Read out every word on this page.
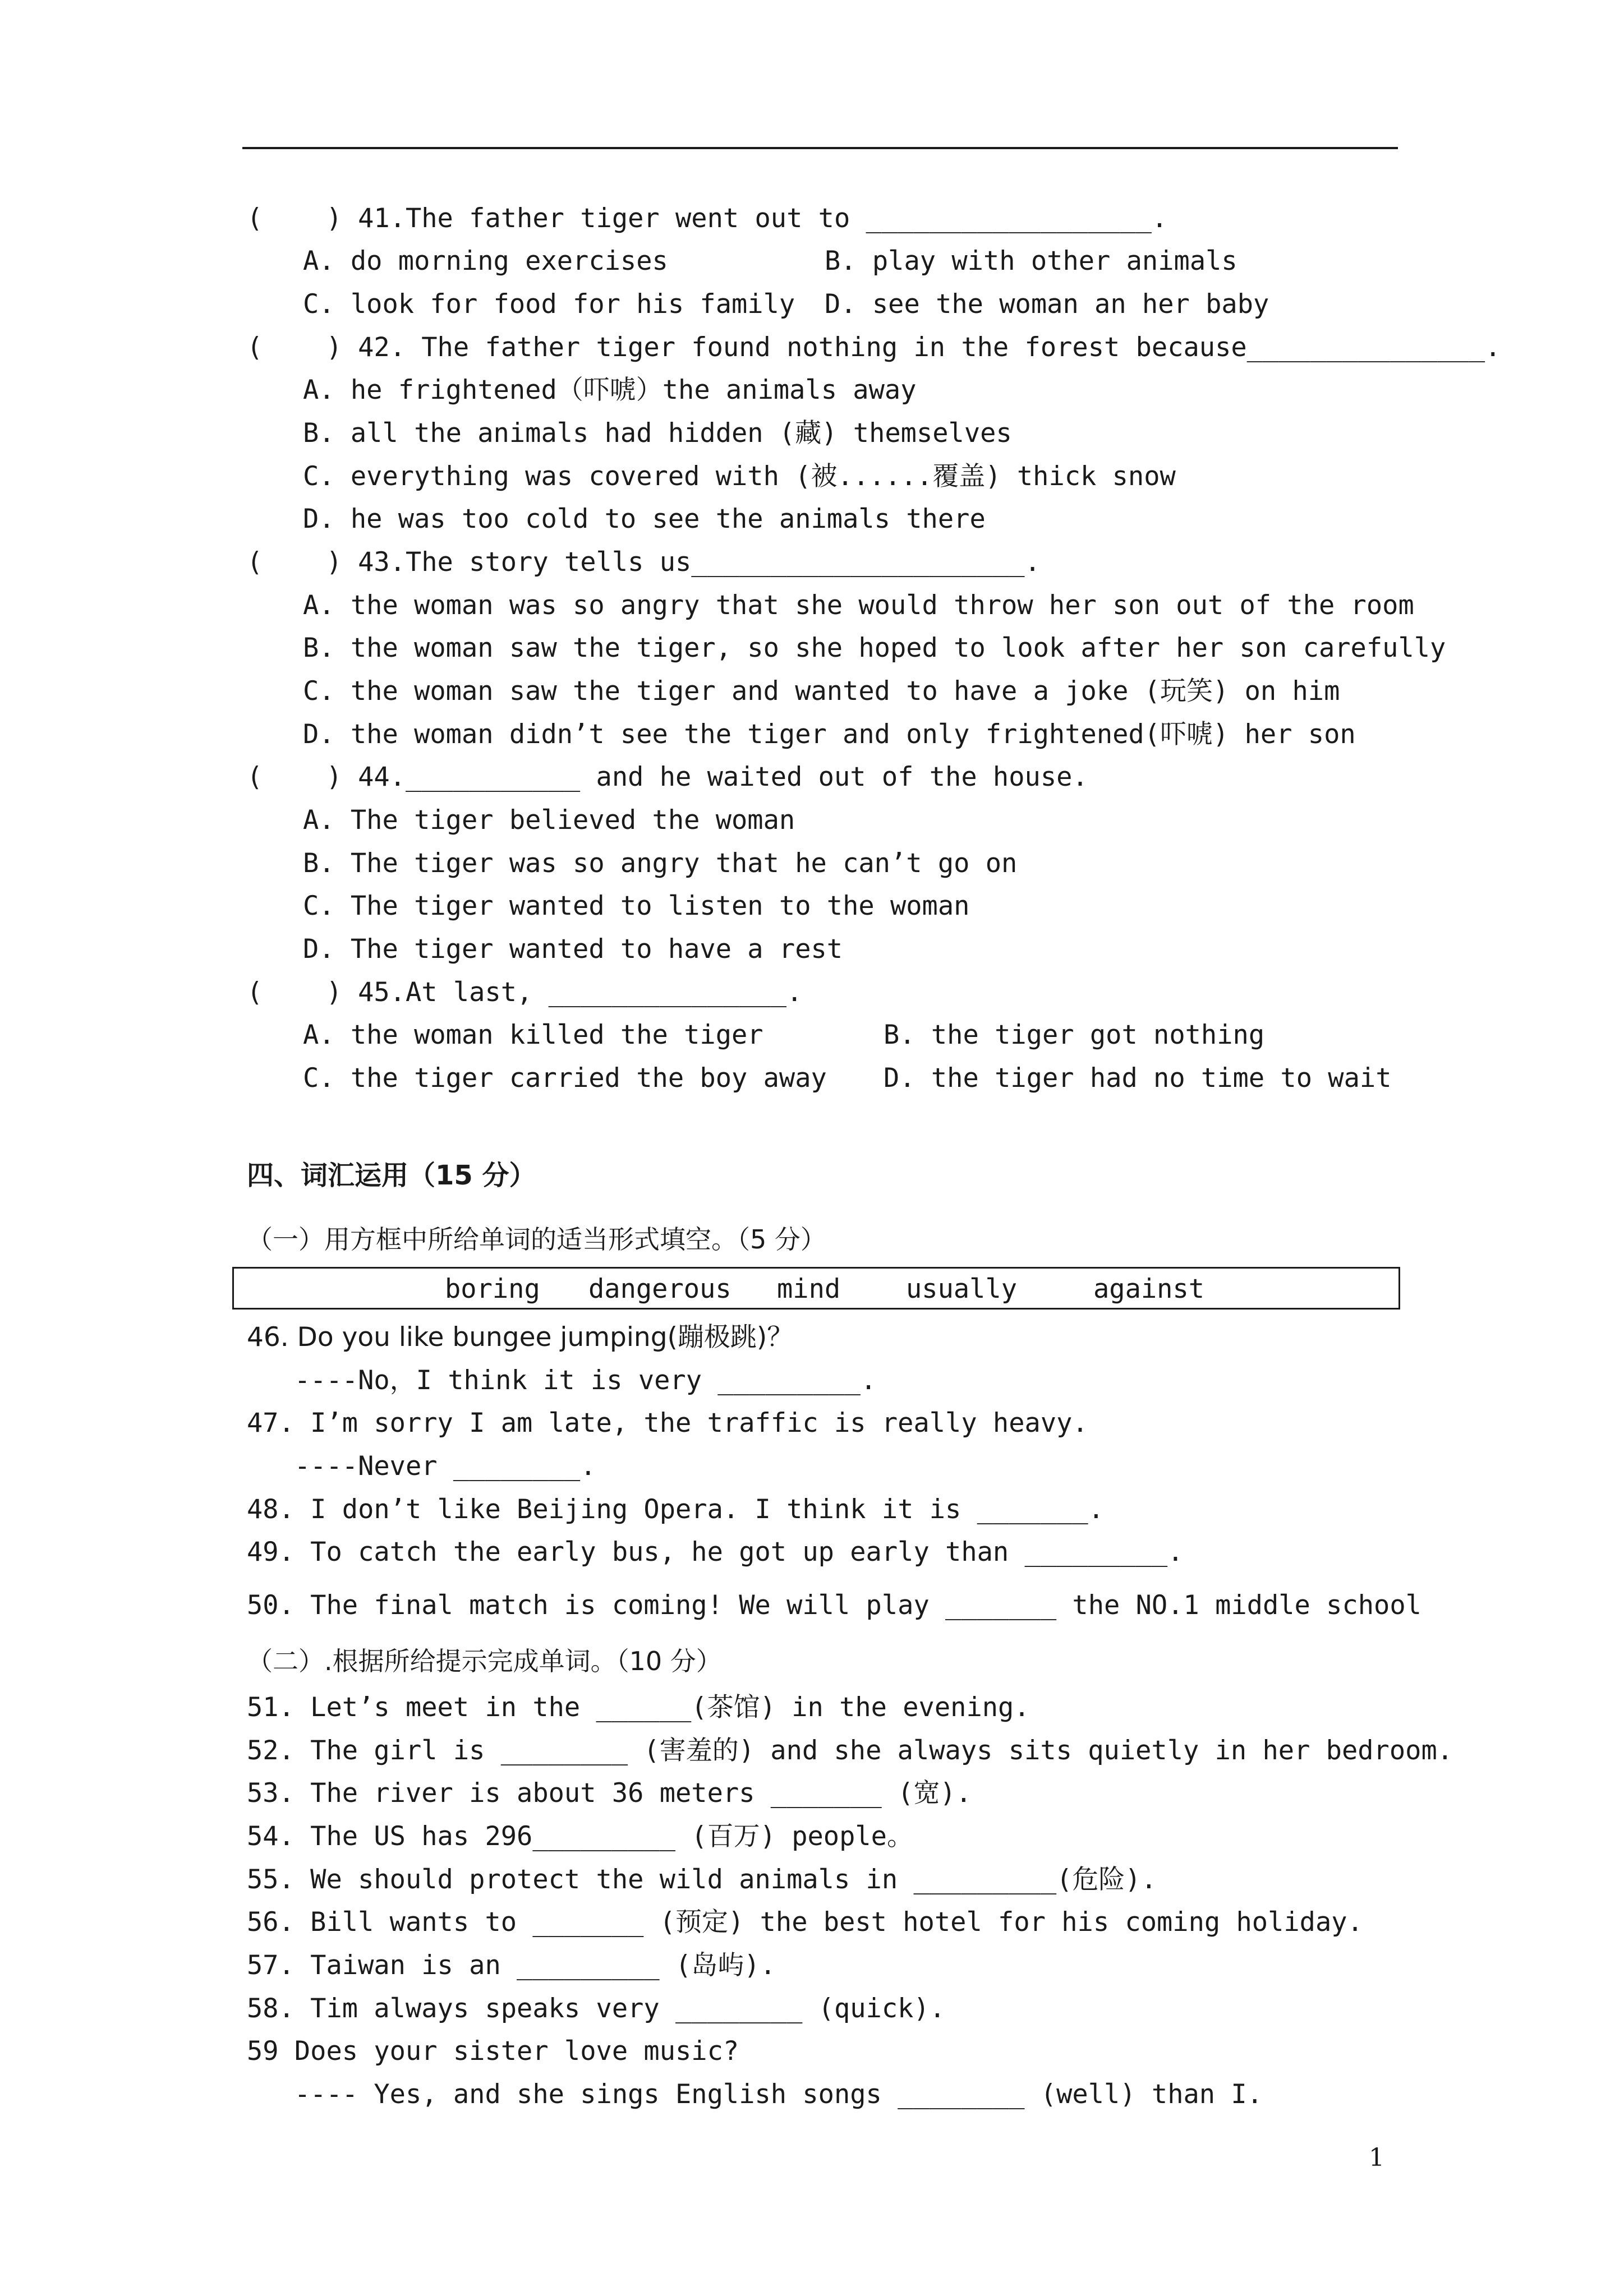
(    ) 41.The father tiger went out to __________________.
A. do morning exercises	B. play with other animals
C. look for food for his family D. see the woman an her baby
(    ) 42. The father tiger found nothing in the forest because_______________.
A. he frightened（吓唬）the animals away
B. all the animals had hidden (藏) themselves
C. everything was covered with (被......覆盖) thick snow
D. he was too cold to see the animals there
(    ) 43.The story tells us_____________________.
A. the woman was so angry that she would throw her son out of the room
B. the woman saw the tiger, so she hoped to look after her son carefully
C. the woman saw the tiger and wanted to have a joke (玩笑) on him
D. the woman didn’t see the tiger and only frightened(吓唬) her son
(    ) 44.___________ and he waited out of the house.
A. The tiger believed the woman
B. The tiger was so angry that he can’t go on
C. The tiger wanted to listen to the woman
D. The tiger wanted to have a rest
(    ) 45.At last, _______________.
A. the woman killed the tiger	B. the tiger got nothing
C. the tiger carried the boy away D. the tiger had no time to wait
四、词汇运用（15 分）
（一）用方框中所给单词的适当形式填空。（5 分）
boring dangerous mind usually	against
46. Do you like bungee jumping(蹦极跳)？
----No，I think it is very _________.
47. I’m sorry I am late, the traffic is really heavy.
----Never ________.
48. I don’t like Beijing Opera. I think it is _______.
49. To catch the early bus, he got up early than _________.
50. The final match is coming! We will play _______ the NO.1 middle school
（二）.根据所给提示完成单词。（10 分）
51. Let’s meet in the ______(茶馆) in the evening.
52. The girl is ________ (害羞的) and she always sits quietly in her bedroom.
53. The river is about 36 meters _______ (宽).
54. The US has 296_________ (百万) people。
55. We should protect the wild animals in _________(危险).
56. Bill wants to _______ (预定) the best hotel for his coming holiday.
57. Taiwan is an _________ (岛屿).
58. Tim always speaks very ________ (quick).
59 Does your sister love music?
---- Yes, and she sings English songs ________ (well) than I.
1
